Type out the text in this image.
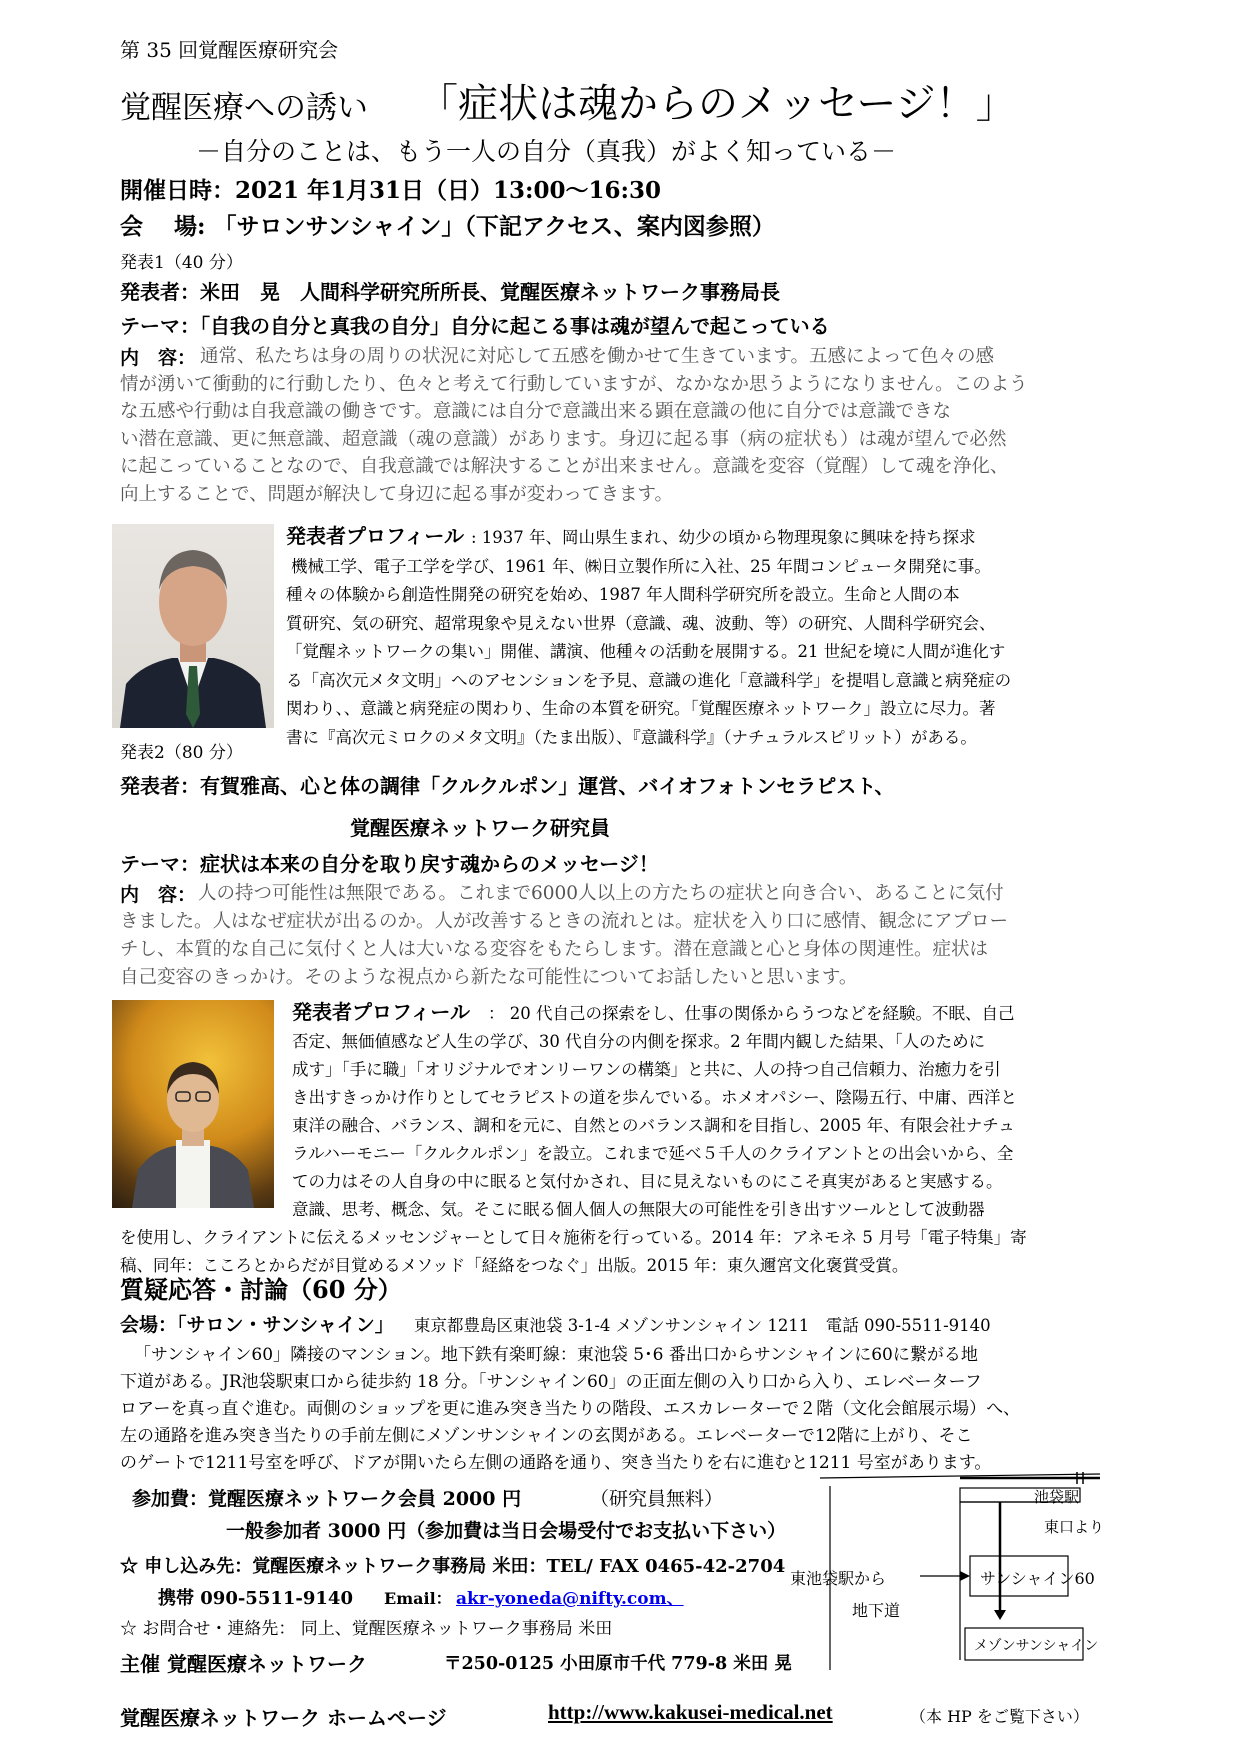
第 35 回覚醒医療研究会
覚醒医療への誘い 「症状は魂からのメッセージ！」
－自分のことは、もう一人の自分（真我）がよく知っている－
開催日時：2021 年1月31日（日）13:00～16:30
会　 場: 「サロンサンシャイン」（下記アクセス、案内図参照）
発表1（40 分）
発表者：米田　晃　人間科学研究所所長、覚醒医療ネットワーク事務局長
テーマ：「自我の自分と真我の自分」自分に起こる事は魂が望んで起こっている
内　容： 通常、私たちは身の周りの状況に対応して五感を働かせて生きています。五感によって色々の感
情が湧いて衝動的に行動したり、色々と考えて行動していますが、なかなか思うようになりません。このよう
な五感や行動は自我意識の働きです。意識には自分で意識出来る顕在意識の他に自分では意識できな
い潜在意識、更に無意識、超意識（魂の意識）があります。身辺に起る事（病の症状も）は魂が望んで必然
に起こっていることなので、自我意識では解決することが出来ません。意識を変容（覚醒）して魂を浄化、
向上することで、問題が解決して身辺に起る事が変わってきます。
発表者プロフィール : 1937 年、岡山県生まれ、幼少の頃から物理現象に興味を持ち探求
機械工学、電子工学を学び、1961 年、㈱日立製作所に入社、25 年間コンピュータ開発に事。
種々の体験から創造性開発の研究を始め、1987 年人間科学研究所を設立。生命と人間の本
質研究、気の研究、超常現象や見えない世界（意識、魂、波動、等）の研究、人間科学研究会、
「覚醒ネットワークの集い」開催、講演、他種々の活動を展開する。21 世紀を境に人間が進化す
る「高次元メタ文明」へのアセンションを予見、意識の進化「意識科学」を提唱し意識と病発症の
関わり、、意識と病発症の関わり、生命の本質を研究。「覚醒医療ネットワーク」設立に尽力。著
書に『高次元ミロクのメタ文明』（たま出版）、『意識科学』（ナチュラルスピリット）がある。
発表2（80 分）
発表者：有賀雅高、心と体の調律「クルクルポン」運営、バイオフォトンセラピスト、
覚醒医療ネットワーク研究員
テーマ：症状は本来の自分を取り戻す魂からのメッセージ！
内　容： 人の持つ可能性は無限である。これまで6000人以上の方たちの症状と向き合い、あることに気付
きました。人はなぜ症状が出るのか。人が改善するときの流れとは。症状を入り口に感情、観念にアプロー
チし、本質的な自己に気付くと人は大いなる変容をもたらします。潜在意識と心と身体の関連性。症状は
自己変容のきっかけ。そのような視点から新たな可能性についてお話したいと思います。
発表者プロフィール	： 20 代自己の探索をし、仕事の関係からうつなどを経験。不眠、自己
否定、無価値感など人生の学び、30 代自分の内側を探求。2 年間内観した結果、「人のために
成す」「手に職」「オリジナルでオンリーワンの構築」と共に、人の持つ自己信頼力、治癒力を引
き出すきっかけ作りとしてセラピストの道を歩んでいる。ホメオパシー、陰陽五行、中庸、西洋と
東洋の融合、バランス、調和を元に、自然とのバランス調和を目指し、2005 年、有限会社ナチュ
ラルハーモニー「クルクルポン」を設立。これまで延べ５千人のクライアントとの出会いから、全
ての力はその人自身の中に眠ると気付かされ、目に見えないものにこそ真実があると実感する。
意識、思考、概念、気。そこに眠る個人個人の無限大の可能性を引き出すツールとして波動器
を使用し、クライアントに伝えるメッセンジャーとして日々施術を行っている。2014 年：アネモネ 5 月号「電子特集」寄
稿、同年：こころとからだが目覚めるメソッド「経絡をつなぐ」出版。2015 年：東久邇宮文化褒賞受賞。
質疑応答・討論（60 分）
会場：「サロン・サンシャイン」 東京都豊島区東池袋 3-1-4 メゾンサンシャイン 1211　電話 090-5511-9140
「サンシャイン60」隣接のマンション。地下鉄有楽町線：東池袋 5･6 番出口からサンシャインに60に繋がる地
下道がある。JR池袋駅東口から徒歩約 18 分。「サンシャイン60」の正面左側の入り口から入り、エレベーターフ
ロアーを真っ直ぐ進む。両側のショップを更に進み突き当たりの階段、エスカレーターで２階（文化会館展示場）へ、
左の通路を進み突き当たりの手前左側にメゾンサンシャインの玄関がある。エレベーターで12階に上がり、そこ
のゲートで1211号室を呼び、ドアが開いたら左側の通路を通り、突き当たりを右に進むと1211 号室があります。
参加費：覚醒医療ネットワーク会員 2000 円	（研究員無料）
一般参加者 3000 円（参加費は当日会場受付でお支払い下さい）
☆ 申し込み先：覚醒医療ネットワーク事務局 米田：TEL/ FAX 0465-42-2704
携帯 090-5511-9140 Email： akr-yoneda@nifty.com、
☆ お問合せ・連絡先： 同上、覚醒医療ネットワーク事務局 米田
主催 覚醒医療ネットワーク	〒250-0125 小田原市千代 779-8 米田 晃
池袋駅
東口より
東池袋駅から	サンシャイン60
地下道
メゾンサンシャイン
覚醒医療ネットワーク ホームページ	http://www.kakusei-medical.net	（本 HP をご覧下さい）
